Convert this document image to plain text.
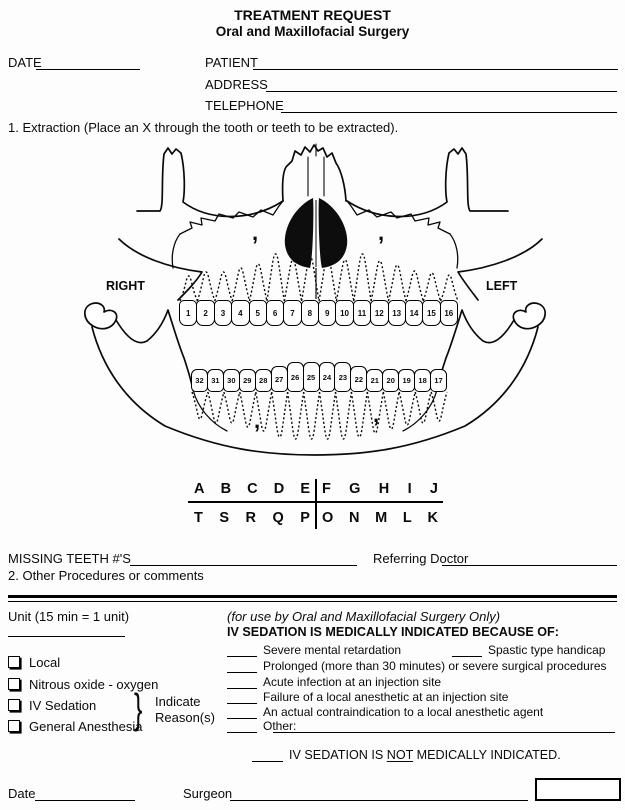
TREATMENT REQUEST
Oral and Maxillofacial Surgery
DATE	PATIENT
ADDRESS
TELEPHONE
1. Extraction (Place an X through the tooth or teeth to be extracted).
,	,
,	,
RIGHT	LEFT
1	2	3	4	5	6	7	8	9	10	11	12	13	14	15	16
32	31	30	29	28	27	26	25	24	23	22	21	20	19	18	17
A B C D E F G H I J
T S R Q P O N M L K
MISSING TEETH #'S	Referring Doctor
2. Other Procedures or comments
Unit (15 min = 1 unit)
Local
Nitrous oxide - oxygen
IV Sedation
General Anesthesia
} Indicate
Reason(s)
(for use by Oral and Maxillofacial Surgery Only)
IV SEDATION IS MEDICALLY INDICATED BECAUSE OF:
Severe mental retardation	Spastic type handicap
Prolonged (more than 30 minutes) or severe surgical procedures
Acute infection at an injection site
Failure of a local anesthetic at an injection site
An actual contraindication to a local anesthetic agent
Other:
IV SEDATION IS NOT MEDICALLY INDICATED.
Date	Surgeon
